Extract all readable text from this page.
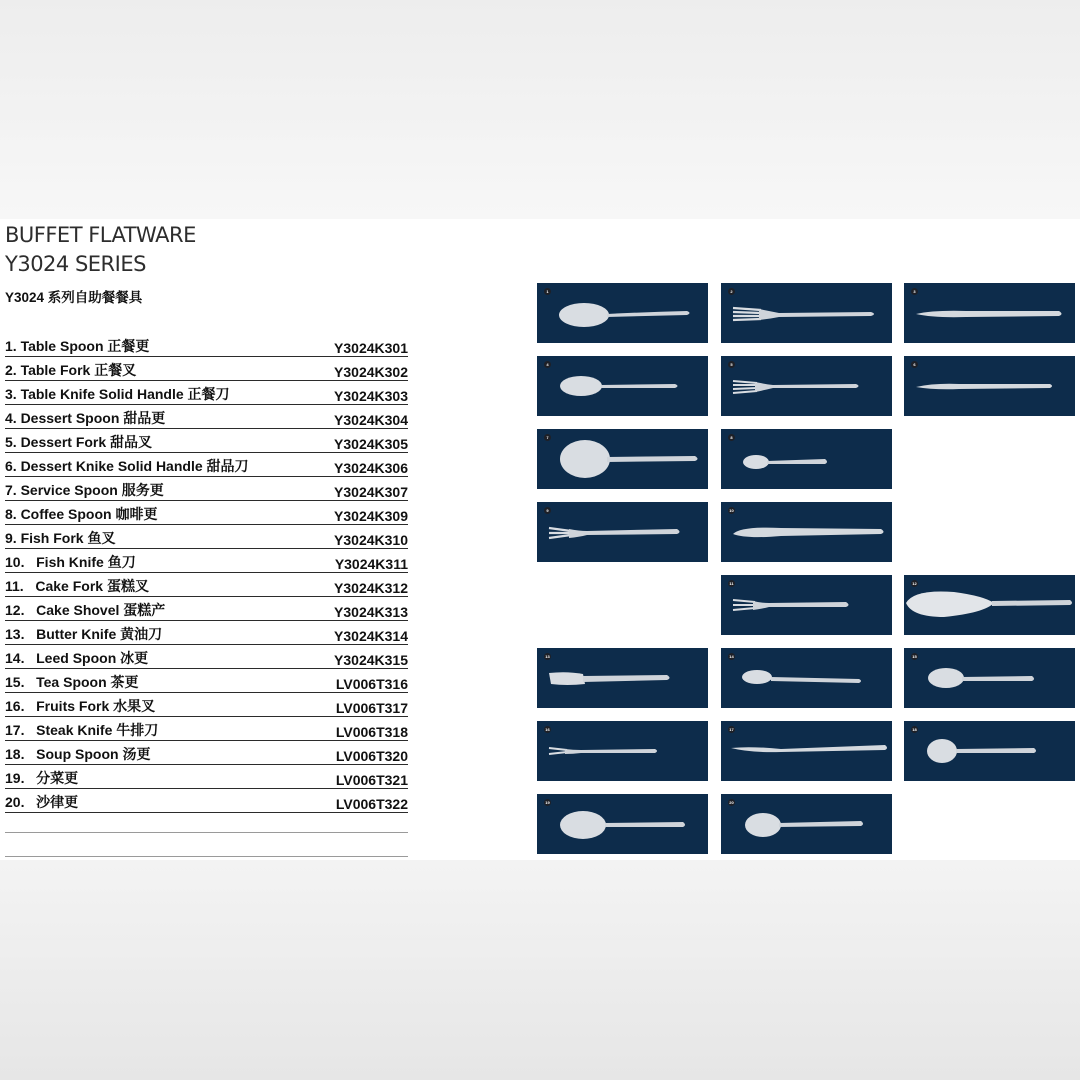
BUFFET FLATWARE
Y3024 SERIES

Y3024 系列自助餐餐具

1. Table Spoon 正餐更	Y3024K301
2. Table Fork 正餐叉	Y3024K302
3. Table Knife Solid Handle 正餐刀	Y3024K303
4. Dessert Spoon 甜品更	Y3024K304
5. Dessert Fork 甜品叉	Y3024K305
6. Dessert Knike Solid Handle 甜品刀	Y3024K306
7. Service Spoon 服务更	Y3024K307
8. Coffee Spoon 咖啡更	Y3024K309
9. Fish Fork 鱼叉	Y3024K310
10.   Fish Knife 鱼刀	Y3024K311
11.   Cake Fork 蛋糕叉	Y3024K312
12.   Cake Shovel 蛋糕产	Y3024K313
13.   Butter Knife 黄油刀	Y3024K314
14.   Leed Spoon 冰更	Y3024K315
15.   Tea Spoon 茶更	LV006T316
16.   Fruits Fork 水果叉	LV006T317
17.   Steak Knife 牛排刀	LV006T318
18.   Soup Spoon 汤更	LV006T320
19.   分菜更	LV006T321
20.   沙律更	LV006T322
1	2	3
4	5	6
7	8
9	10
11	12
13	14	15
16	17	18
19	20
